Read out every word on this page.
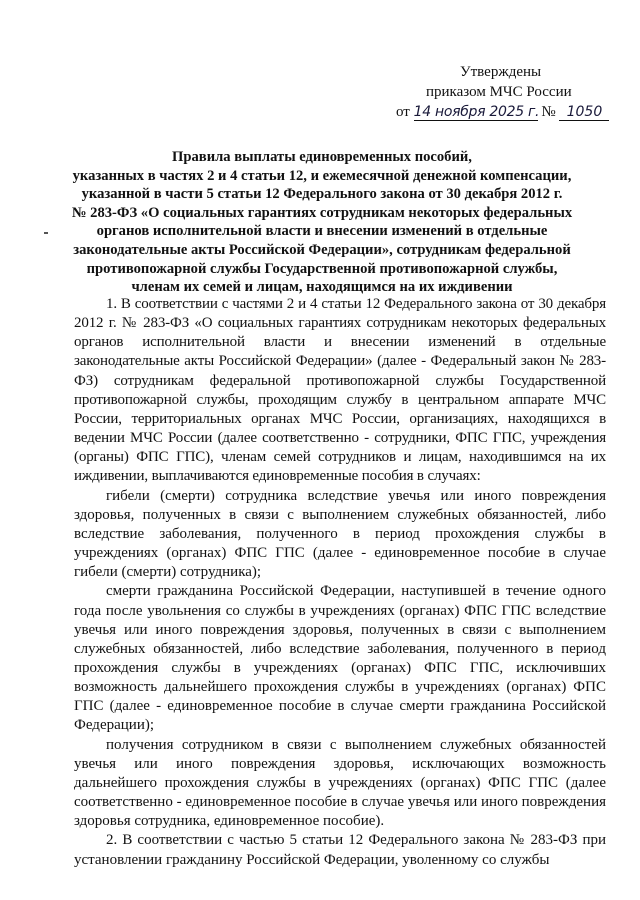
Утверждены
приказом МЧС России
от 14 ноября 2025 г. № 1050
Правила выплаты единовременных пособий,
указанных в частях 2 и 4 статьи 12, и ежемесячной денежной компенсации,
указанной в части 5 статьи 12 Федерального закона от 30 декабря 2012 г.
№ 283-ФЗ «О социальных гарантиях сотрудникам некоторых федеральных
органов исполнительной власти и внесении изменений в отдельные
законодательные акты Российской Федерации», сотрудникам федеральной
противопожарной службы Государственной противопожарной службы,
членам их семей и лицам, находящимся на их иждивении

1. В соответствии с частями 2 и 4 статьи 12 Федерального закона от 30 декабря 2012 г. № 283-ФЗ «О социальных гарантиях сотрудникам некоторых федеральных органов исполнительной власти и внесении изменений в отдельные законодательные акты Российской Федерации» (далее - Федеральный закон № 283-ФЗ) сотрудникам федеральной противопожарной службы Государственной противопожарной службы, проходящим службу в центральном аппарате МЧС России, территориальных органах МЧС России, организациях, находящихся в ведении МЧС России (далее соответственно - сотрудники, ФПС ГПС, учреждения (органы) ФПС ГПС), членам семей сотрудников и лицам, находившимся на их иждивении, выплачиваются единовременные пособия в случаях:

гибели (смерти) сотрудника вследствие увечья или иного повреждения здоровья, полученных в связи с выполнением служебных обязанностей, либо вследствие заболевания, полученного в период прохождения службы в учреждениях (органах) ФПС ГПС (далее - единовременное пособие в случае гибели (смерти) сотрудника);

смерти гражданина Российской Федерации, наступившей в течение одного года после увольнения со службы в учреждениях (органах) ФПС ГПС вследствие увечья или иного повреждения здоровья, полученных в связи с выполнением служебных обязанностей, либо вследствие заболевания, полученного в период прохождения службы в учреждениях (органах) ФПС ГПС, исключивших возможность дальнейшего прохождения службы в учреждениях (органах) ФПС ГПС (далее - единовременное пособие в случае смерти гражданина Российской Федерации);

получения сотрудником в связи с выполнением служебных обязанностей увечья или иного повреждения здоровья, исключающих возможность дальнейшего прохождения службы в учреждениях (органах) ФПС ГПС (далее соответственно - единовременное пособие в случае увечья или иного повреждения здоровья сотрудника, единовременное пособие).

2. В соответствии с частью 5 статьи 12 Федерального закона № 283-ФЗ при установлении гражданину Российской Федерации, уволенному со службы
